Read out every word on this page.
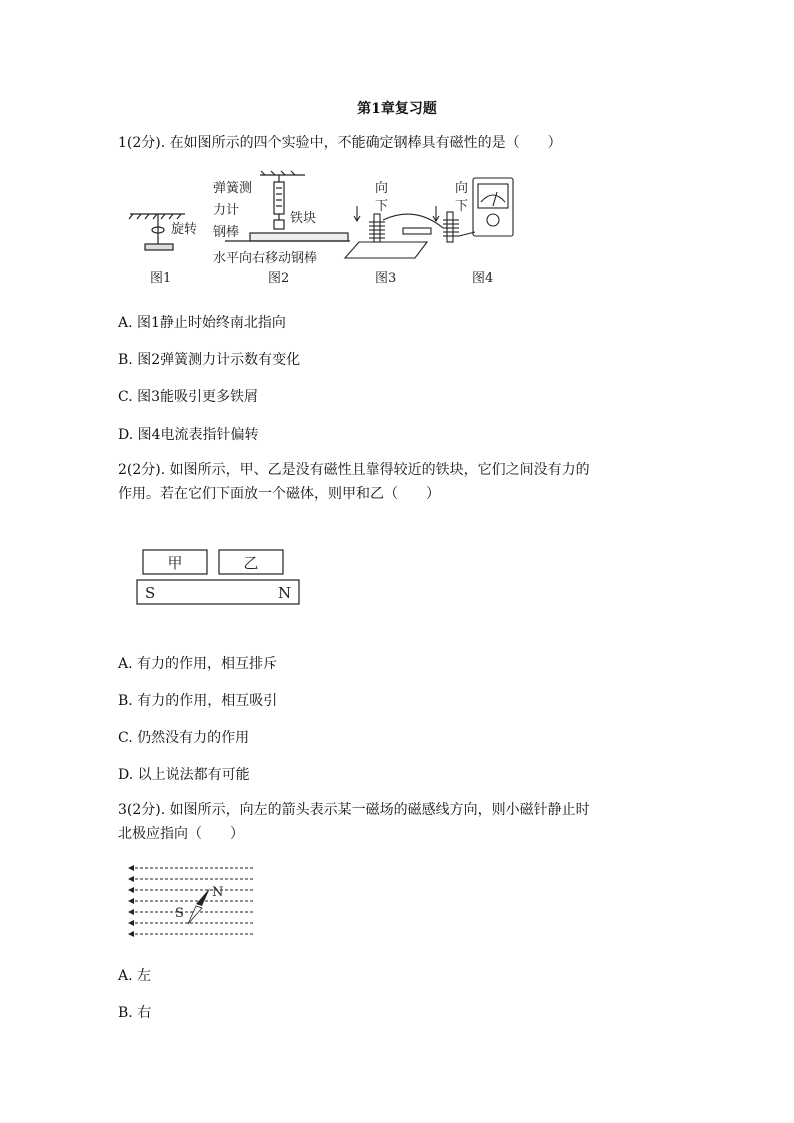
第1章复习题
1(2分). 在如图所示的四个实验中，不能确定钢棒具有磁性的是（　　）
旋转
图1
弹簧测
力计
铁块
钢棒
水平向右移动钢棒
图2
向
下
图3
向
下
图4
A. 图1静止时始终南北指向
B. 图2弹簧测力计示数有变化
C. 图3能吸引更多铁屑
D. 图4电流表指针偏转
2(2分). 如图所示，甲、乙是没有磁性且靠得较近的铁块，它们之间没有力的
作用。若在它们下面放一个磁体，则甲和乙（　　）
甲	乙
S	N
A. 有力的作用，相互排斥
B. 有力的作用，相互吸引
C. 仍然没有力的作用
D. 以上说法都有可能
3(2分). 如图所示，向左的箭头表示某一磁场的磁感线方向，则小磁针静止时
北极应指向（　　）
N
S
A. 左
B. 右
